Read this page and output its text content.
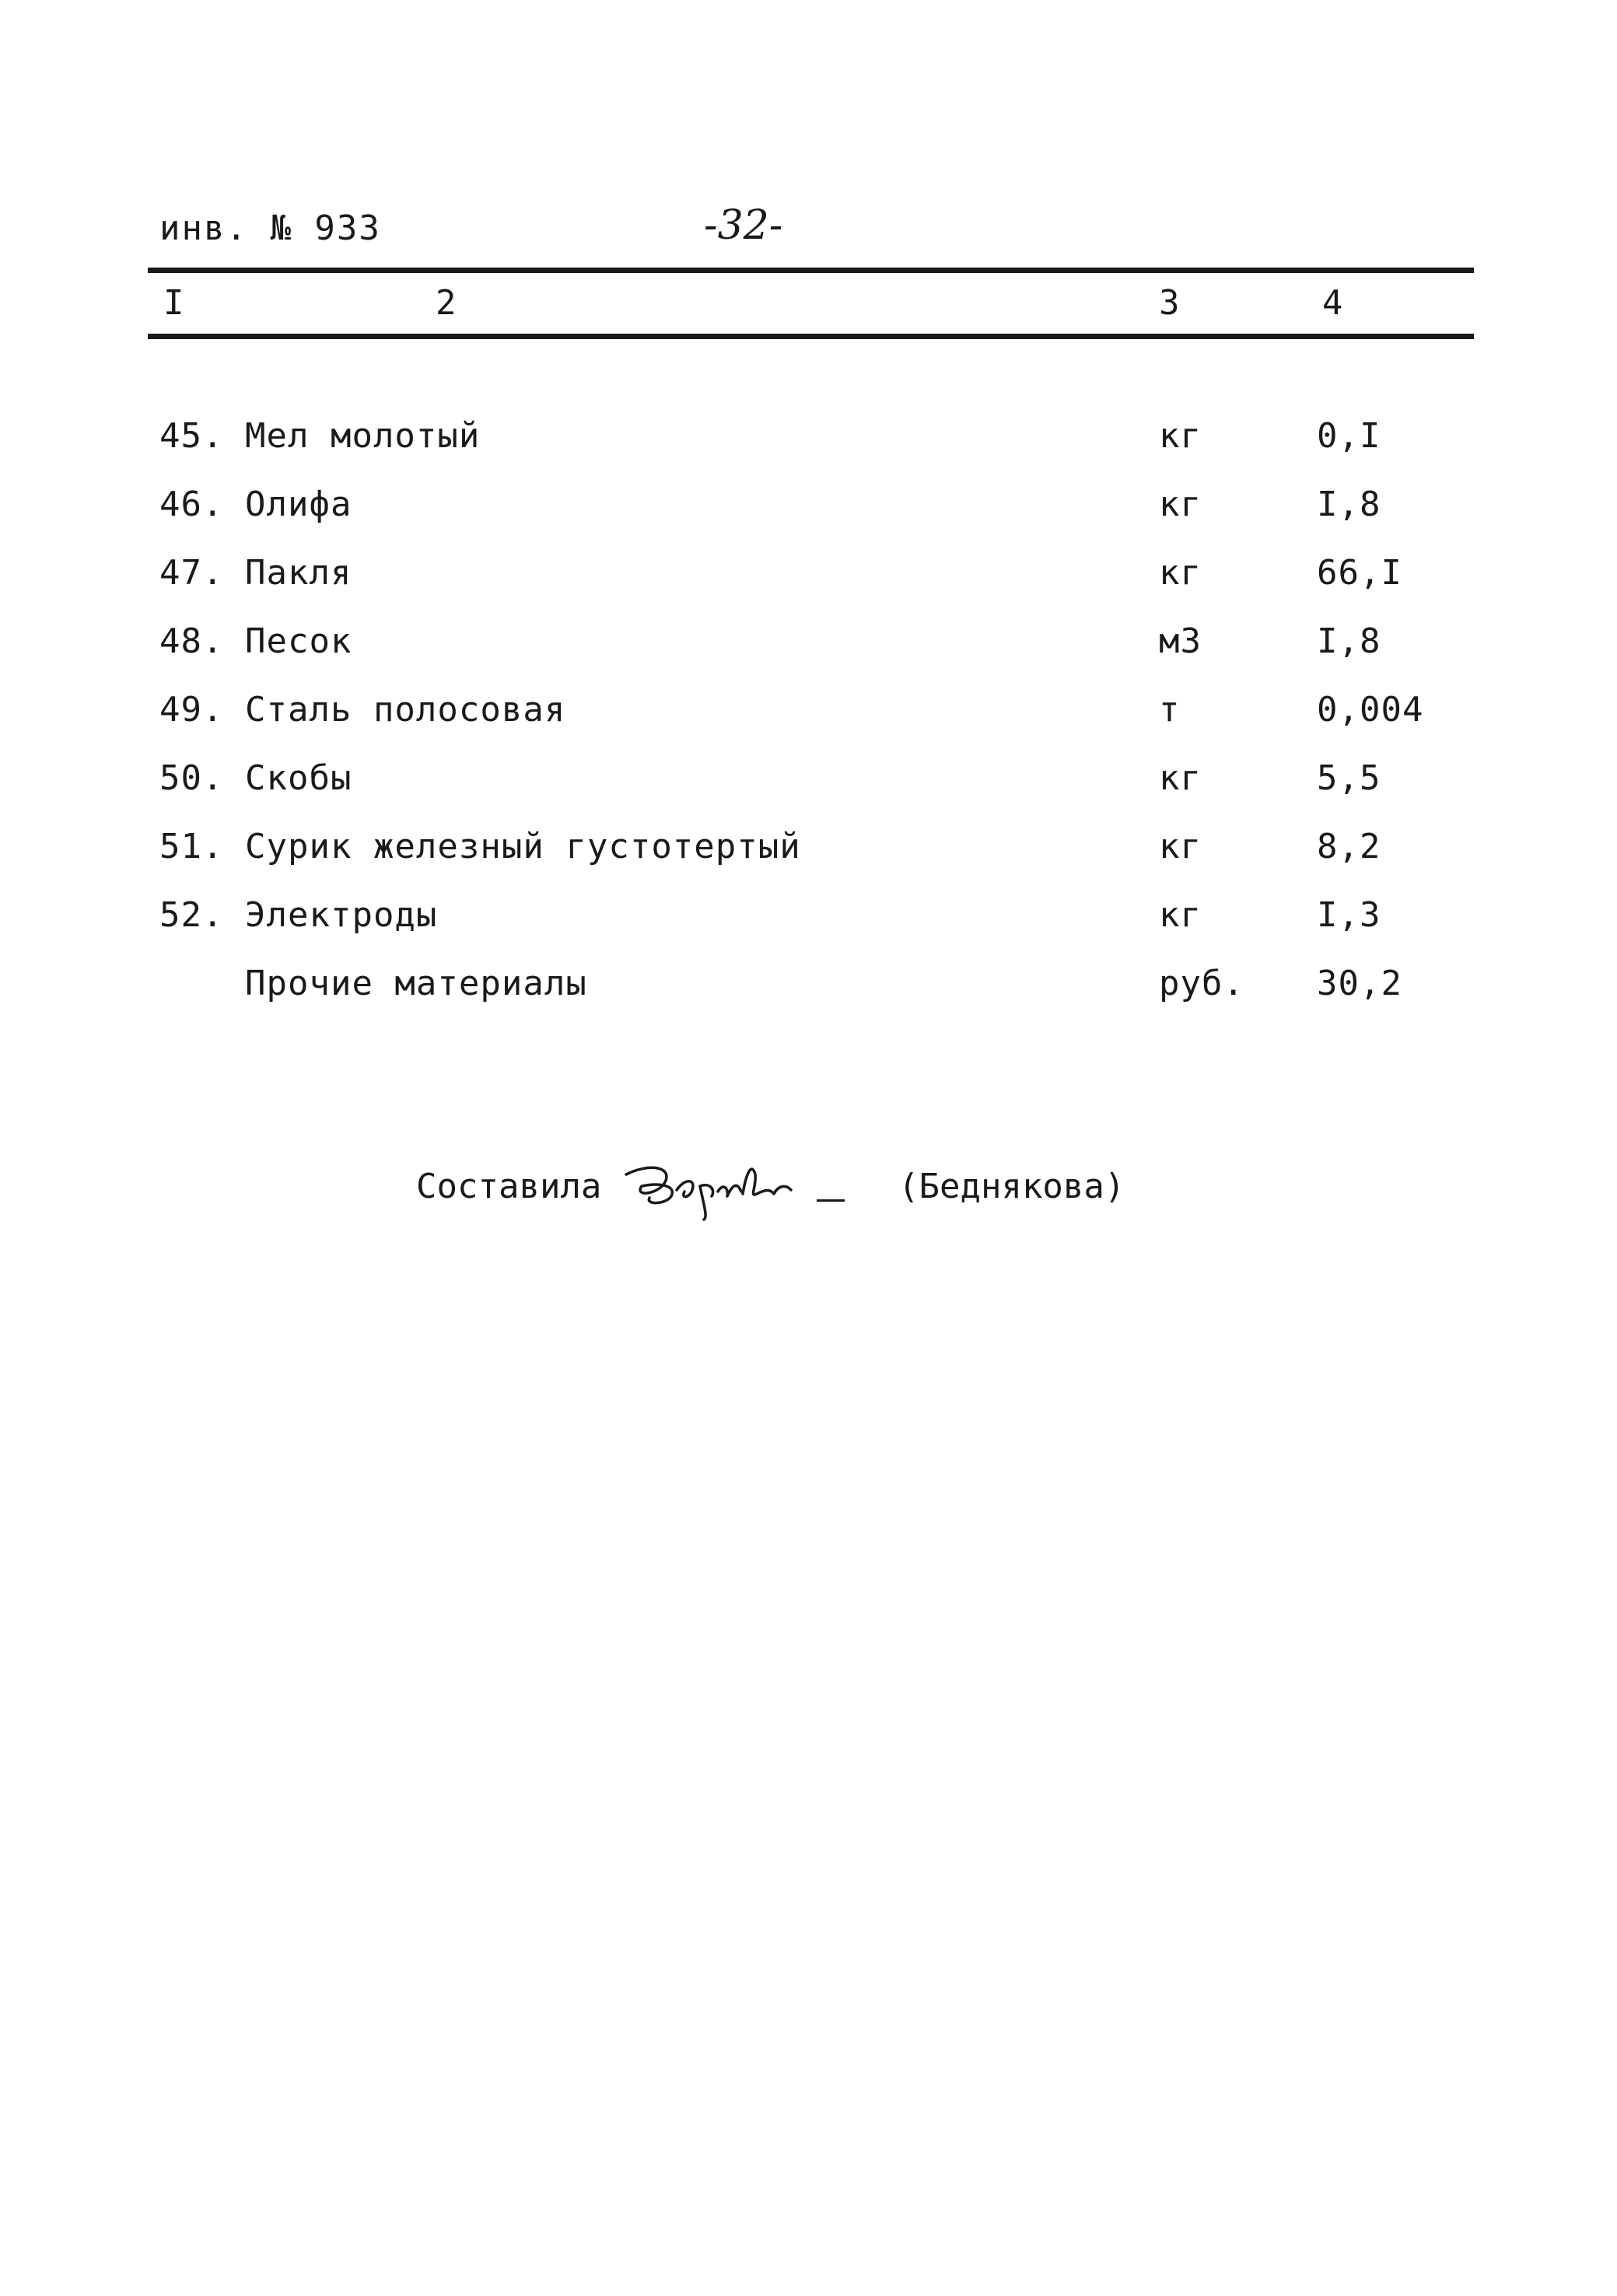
инв. № 933	-32-
I	2	3	4
45. Мел молотый	кг	0,I
46. Олифа	кг	I,8
47. Пакля	кг	66,I
48. Песок	м3	I,8
49. Сталь полосовая	т	0,004
50. Скобы	кг	5,5
51. Сурик железный густотертый	кг	8,2
52. Электроды	кг	I,3
Прочие материалы	руб. 30,2
Составила	(Беднякова)
